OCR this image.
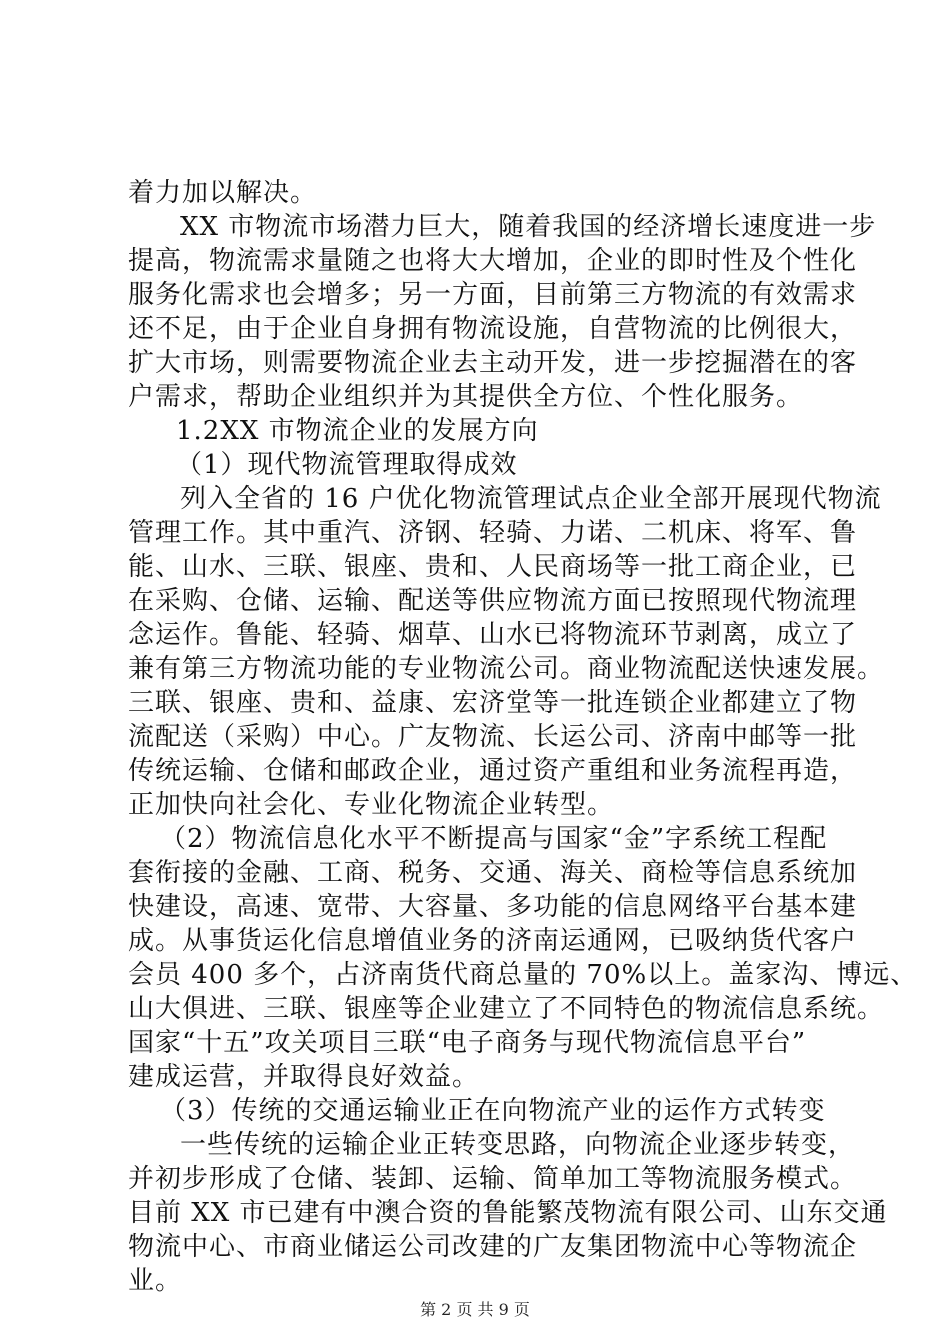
着力加以解决。
XX 市物流市场潜力巨大，随着我国的经济增长速度进一步
提高，物流需求量随之也将大大增加，企业的即时性及个性化
服务化需求也会增多；另一方面，目前第三方物流的有效需求
还不足，由于企业自身拥有物流设施，自营物流的比例很大，
扩大市场，则需要物流企业去主动开发，进一步挖掘潜在的客
户需求，帮助企业组织并为其提供全方位、个性化服务。
1.2XX 市物流企业的发展方向
（1）现代物流管理取得成效
列入全省的 16 户优化物流管理试点企业全部开展现代物流
管理工作。其中重汽、济钢、轻骑、力诺、二机床、将军、鲁
能、山水、三联、银座、贵和、人民商场等一批工商企业，已
在采购、仓储、运输、配送等供应物流方面已按照现代物流理
念运作。鲁能、轻骑、烟草、山水已将物流环节剥离，成立了
兼有第三方物流功能的专业物流公司。商业物流配送快速发展。
三联、银座、贵和、益康、宏济堂等一批连锁企业都建立了物
流配送（采购）中心。广友物流、长运公司、济南中邮等一批
传统运输、仓储和邮政企业，通过资产重组和业务流程再造，
正加快向社会化、专业化物流企业转型。
（2）物流信息化水平不断提高与国家“金”字系统工程配
套衔接的金融、工商、税务、交通、海关、商检等信息系统加
快建设，高速、宽带、大容量、多功能的信息网络平台基本建
成。从事货运化信息增值业务的济南运通网，已吸纳货代客户
会员 400 多个，占济南货代商总量的 70%以上。盖家沟、博远、
山大俱进、三联、银座等企业建立了不同特色的物流信息系统。
国家“十五”攻关项目三联“电子商务与现代物流信息平台”
建成运营，并取得良好效益。
（3）传统的交通运输业正在向物流产业的运作方式转变
一些传统的运输企业正转变思路，向物流企业逐步转变，
并初步形成了仓储、装卸、运输、简单加工等物流服务模式。
目前 XX 市已建有中澳合资的鲁能繁茂物流有限公司、山东交通
物流中心、市商业储运公司改建的广友集团物流中心等物流企
业。
第 2 页 共 9 页
